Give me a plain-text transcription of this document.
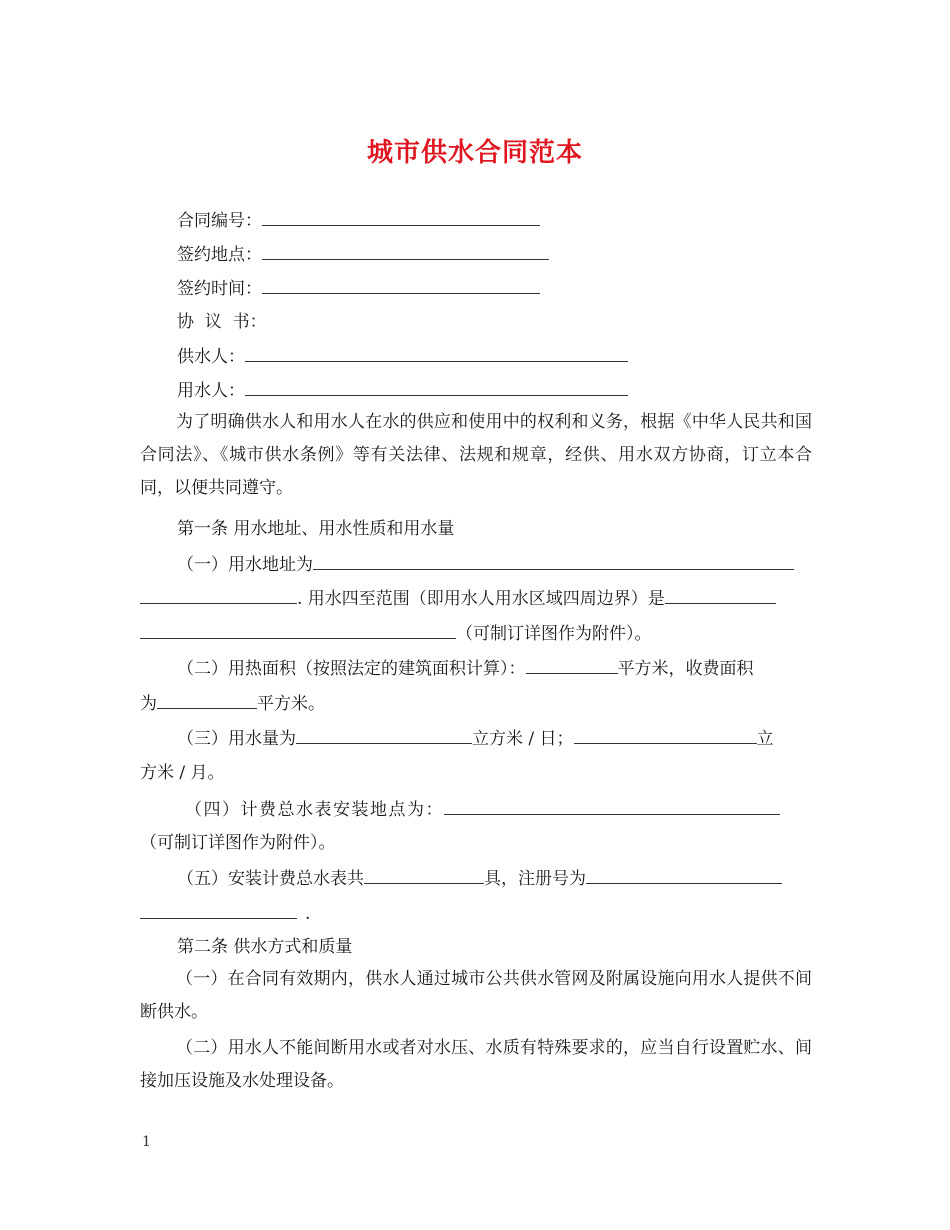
城市供水合同范本
合同编号：
签约地点：
签约时间：
协  议  书：
供水人：
用水人：
为了明确供水人和用水人在水的供应和使用中的权利和义务，根据《中华人民共和国合同法》、《城市供水条例》等有关法律、法规和规章，经供、用水双方协商，订立本合同，以便共同遵守。
第一条 用水地址、用水性质和用水量
（一）用水地址为
. 用水四至范围（即用水人用水区域四周边界）是
（可制订详图作为附件）。
（二）用热面积（按照法定的建筑面积计算）：	平方米，收费面积
为	平方米。
（三）用水量为	立方米 / 日；	立
方米 / 月。
（四）计费总水表安装地点为：
（可制订详图作为附件）。
（五）安装计费总水表共	具，注册号为
.
第二条 供水方式和质量
（一）在合同有效期内，供水人通过城市公共供水管网及附属设施向用水人提供不间断供水。
（二）用水人不能间断用水或者对水压、水质有特殊要求的，应当自行设置贮水、间接加压设施及水处理设备。
1
